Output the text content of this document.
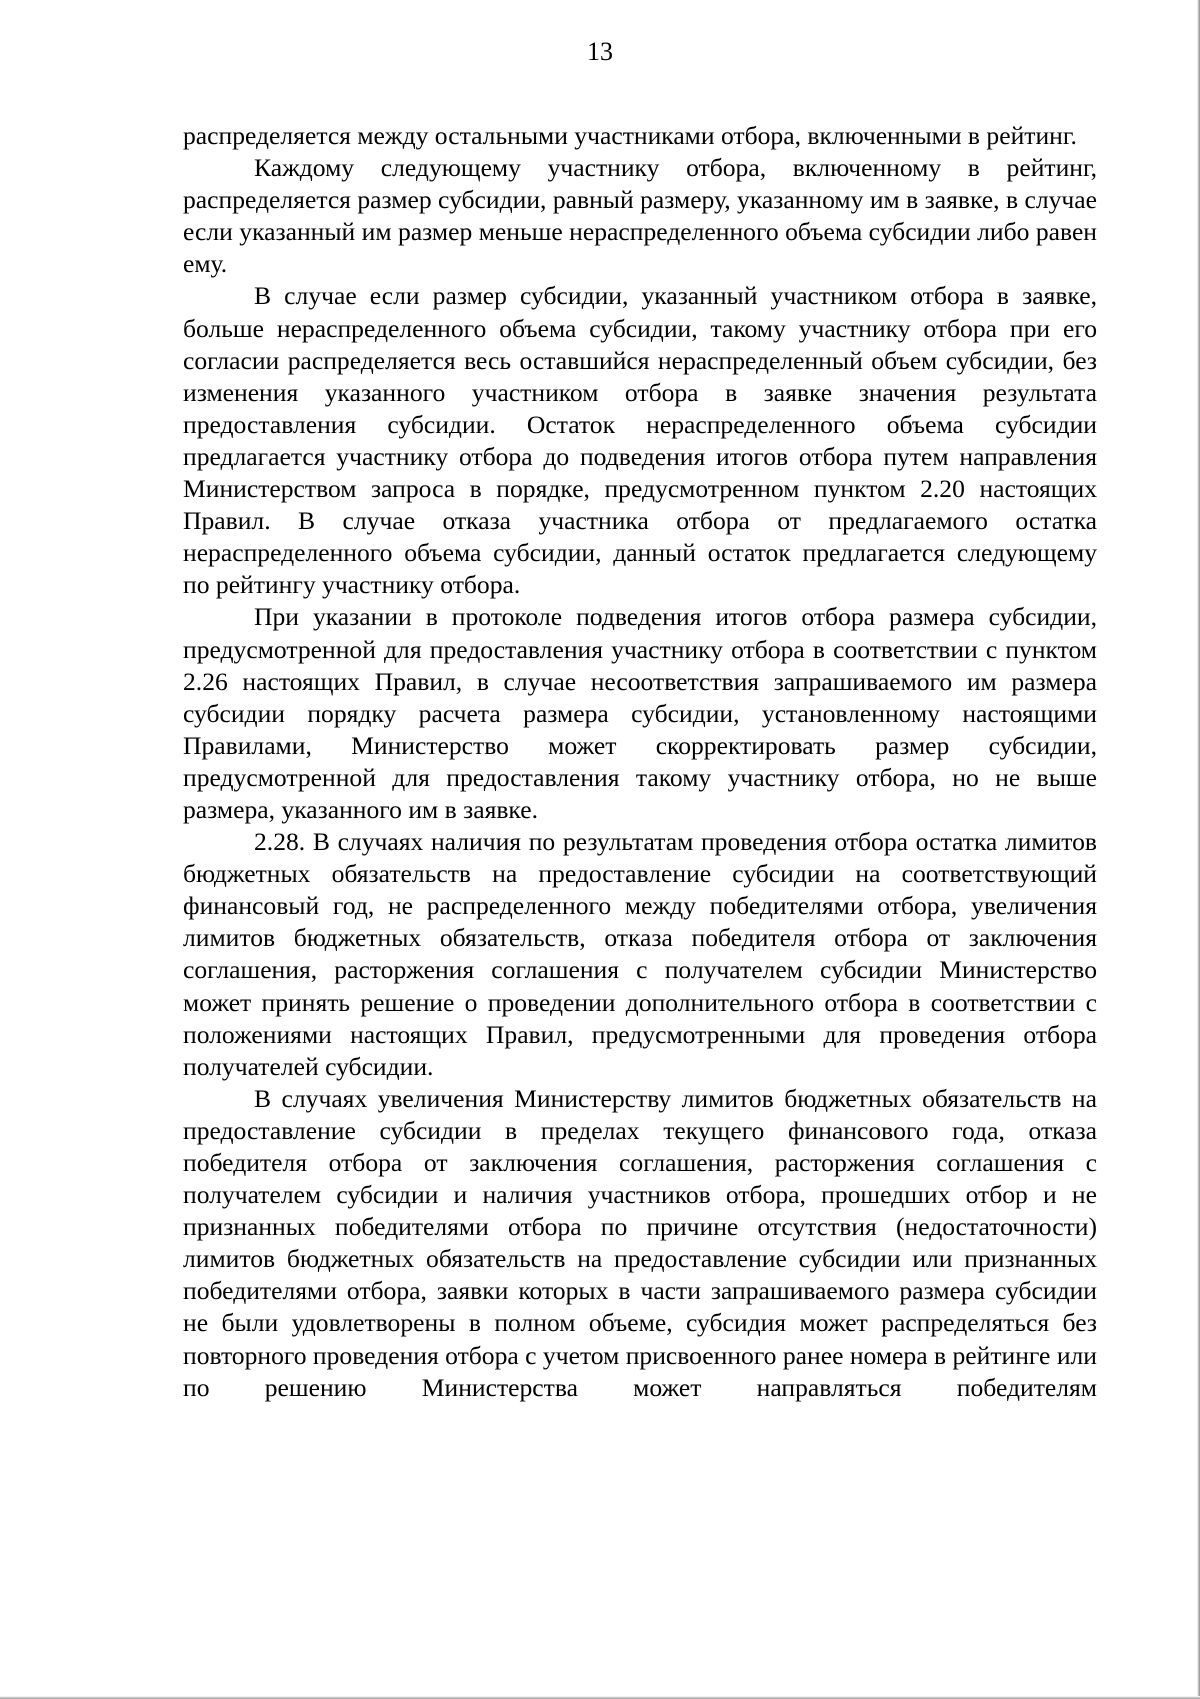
13

распределяется между остальными участниками отбора, включенными в рейтинг.

Каждому следующему участнику отбора, включенному в рейтинг, распределяется размер субсидии, равный размеру, указанному им в заявке, в случае если указанный им размер меньше нераспределенного объема субсидии либо равен ему.

В случае если размер субсидии, указанный участником отбора в заявке, больше нераспределенного объема субсидии, такому участнику отбора при его согласии распределяется весь оставшийся нераспределенный объем субсидии, без изменения указанного участником отбора в заявке значения результата предоставления субсидии. Остаток нераспределенного объема субсидии предлагается участнику отбора до подведения итогов отбора путем направления Министерством запроса в порядке, предусмотренном пунктом 2.20 настоящих Правил. В случае отказа участника отбора от предлагаемого остатка нераспределенного объема субсидии, данный остаток предлагается следующему по рейтингу участнику отбора.

При указании в протоколе подведения итогов отбора размера субсидии, предусмотренной для предоставления участнику отбора в соответствии с пунктом 2.26 настоящих Правил, в случае несоответствия запрашиваемого им размера субсидии порядку расчета размера субсидии, установленному настоящими Правилами, Министерство может скорректировать размер субсидии, предусмотренной для предоставления такому участнику отбора, но не выше размера, указанного им в заявке.

2.28. В случаях наличия по результатам проведения отбора остатка лимитов бюджетных обязательств на предоставление субсидии на соответствующий финансовый год, не распределенного между победителями отбора, увеличения лимитов бюджетных обязательств, отказа победителя отбора от заключения соглашения, расторжения соглашения с получателем субсидии Министерство может принять решение о проведении дополнительного отбора в соответствии с положениями настоящих Правил, предусмотренными для проведения отбора получателей субсидии.

В случаях увеличения Министерству лимитов бюджетных обязательств на предоставление субсидии в пределах текущего финансового года, отказа победителя отбора от заключения соглашения, расторжения соглашения с получателем субсидии и наличия участников отбора, прошедших отбор и не признанных победителями отбора по причине отсутствия (недостаточности) лимитов бюджетных обязательств на предоставление субсидии или признанных победителями отбора, заявки которых в части запрашиваемого размера субсидии не были удовлетворены в полном объеме, субсидия может распределяться без повторного проведения отбора с учетом присвоенного ранее номера в рейтинге или по решению Министерства может направляться победителям
